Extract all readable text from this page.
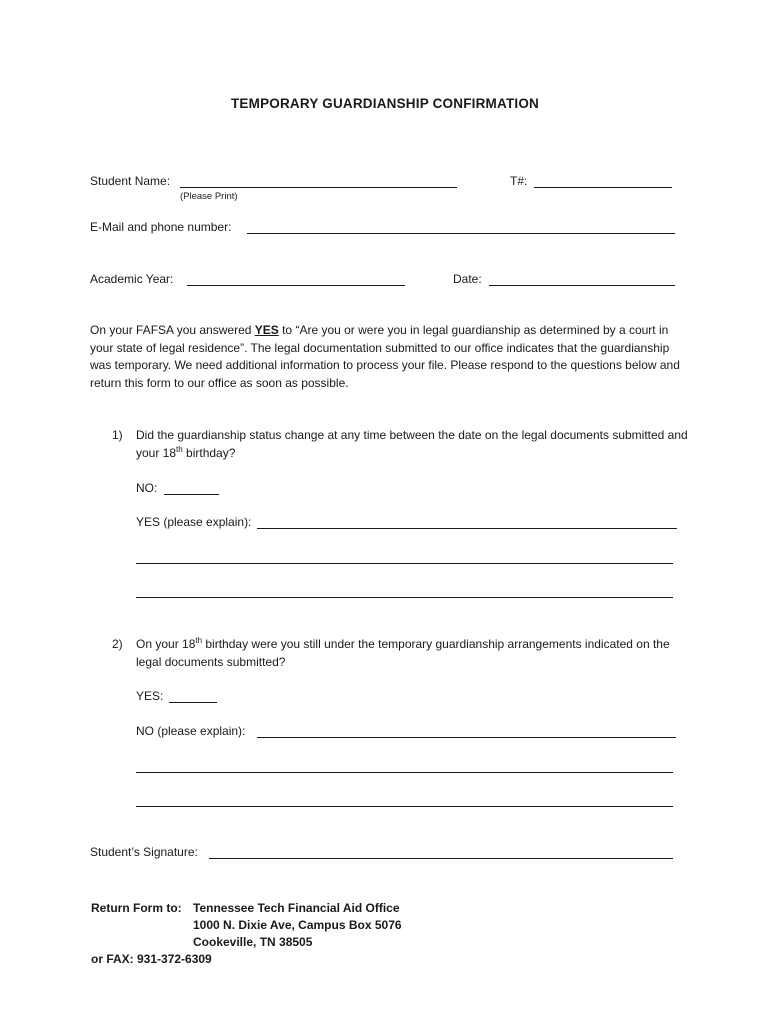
TEMPORARY GUARDIANSHIP CONFIRMATION
Student Name:
(Please Print)
T#:
E-Mail and phone number:
Academic Year:	Date:
On your FAFSA you answered YES to “Are you or were you in legal guardianship as determined by a court in your state of legal residence”. The legal documentation submitted to our office indicates that the guardianship was temporary. We need additional information to process your file. Please respond to the questions below and return this form to our office as soon as possible.
1) Did the guardianship status change at any time between the date on the legal documents submitted and your 18th birthday?
NO:
YES (please explain):
2) On your 18th birthday were you still under the temporary guardianship arrangements indicated on the legal documents submitted?
YES:
NO (please explain):
Student’s Signature:
Return Form to: Tennessee Tech Financial Aid Office
1000 N. Dixie Ave, Campus Box 5076
Cookeville, TN 38505
or FAX: 931-372-6309
